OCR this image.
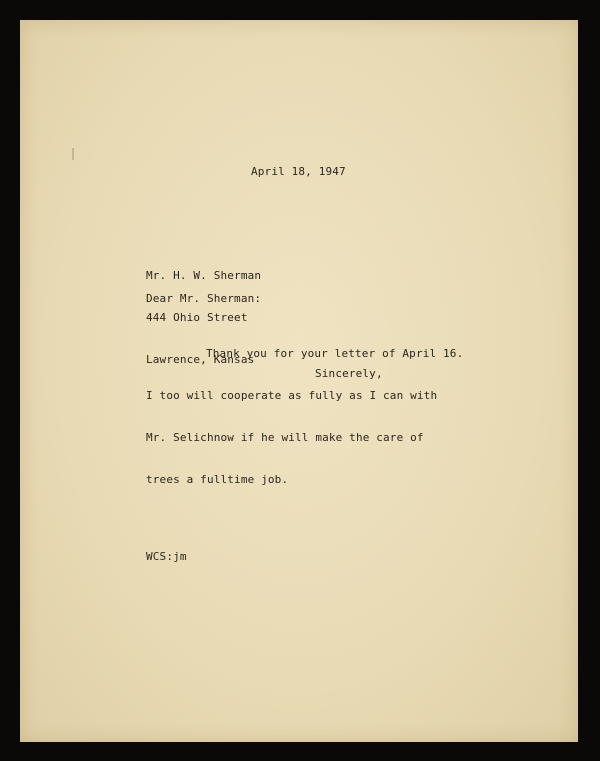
April 18, 1947

Mr. H. W. Sherman

444 Ohio Street

Lawrence, Kansas

Dear Mr. Sherman:

Thank you for your letter of April 16.

I too will cooperate as fully as I can with

Mr. Selichnow if he will make the care of

trees a fulltime job.

Sincerely,
WCS:jm
